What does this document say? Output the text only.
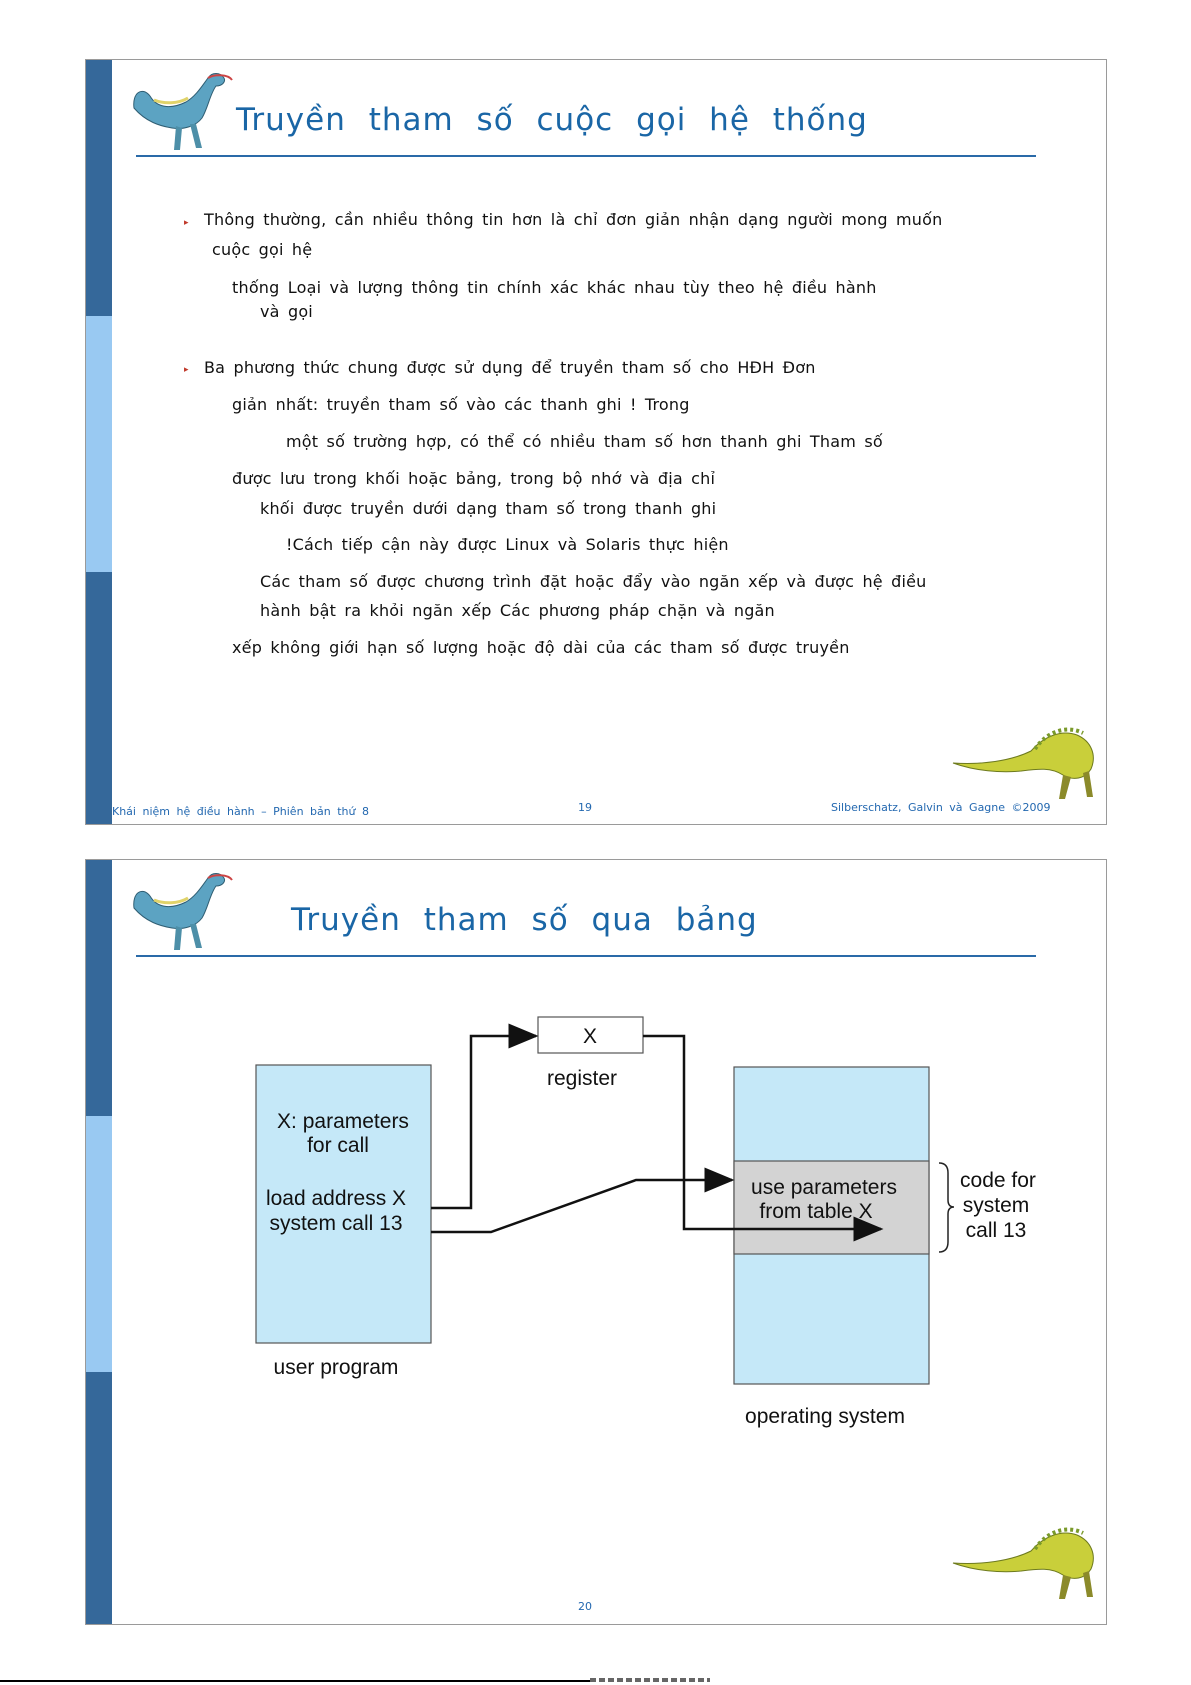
Truyền tham số cuộc gọi hệ thống
▸ Thông thường, cần nhiều thông tin hơn là chỉ đơn giản nhận dạng người mong muốn
cuộc gọi hệ
thống Loại và lượng thông tin chính xác khác nhau tùy theo hệ điều hành
và gọi
▸ Ba phương thức chung được sử dụng để truyền tham số cho HĐH Đơn
giản nhất: truyền tham số vào các thanh ghi ! Trong
một số trường hợp, có thể có nhiều tham số hơn thanh ghi Tham số
được lưu trong khối hoặc bảng, trong bộ nhớ và địa chỉ
khối được truyền dưới dạng tham số trong thanh ghi
!Cách tiếp cận này được Linux và Solaris thực hiện
Các tham số được chương trình đặt hoặc đẩy vào ngăn xếp và được hệ điều
hành bật ra khỏi ngăn xếp Các phương pháp chặn và ngăn
xếp không giới hạn số lượng hoặc độ dài của các tham số được truyền
Khái niệm hệ điều hành – Phiên bản thứ 8	19	Silberschatz, Galvin và Gagne ©2009
Truyền tham số qua bảng
X: parameters
for call
load address X
system call 13
user program
X
register
use parameters
from table X
operating system
code for
system
call 13
20
